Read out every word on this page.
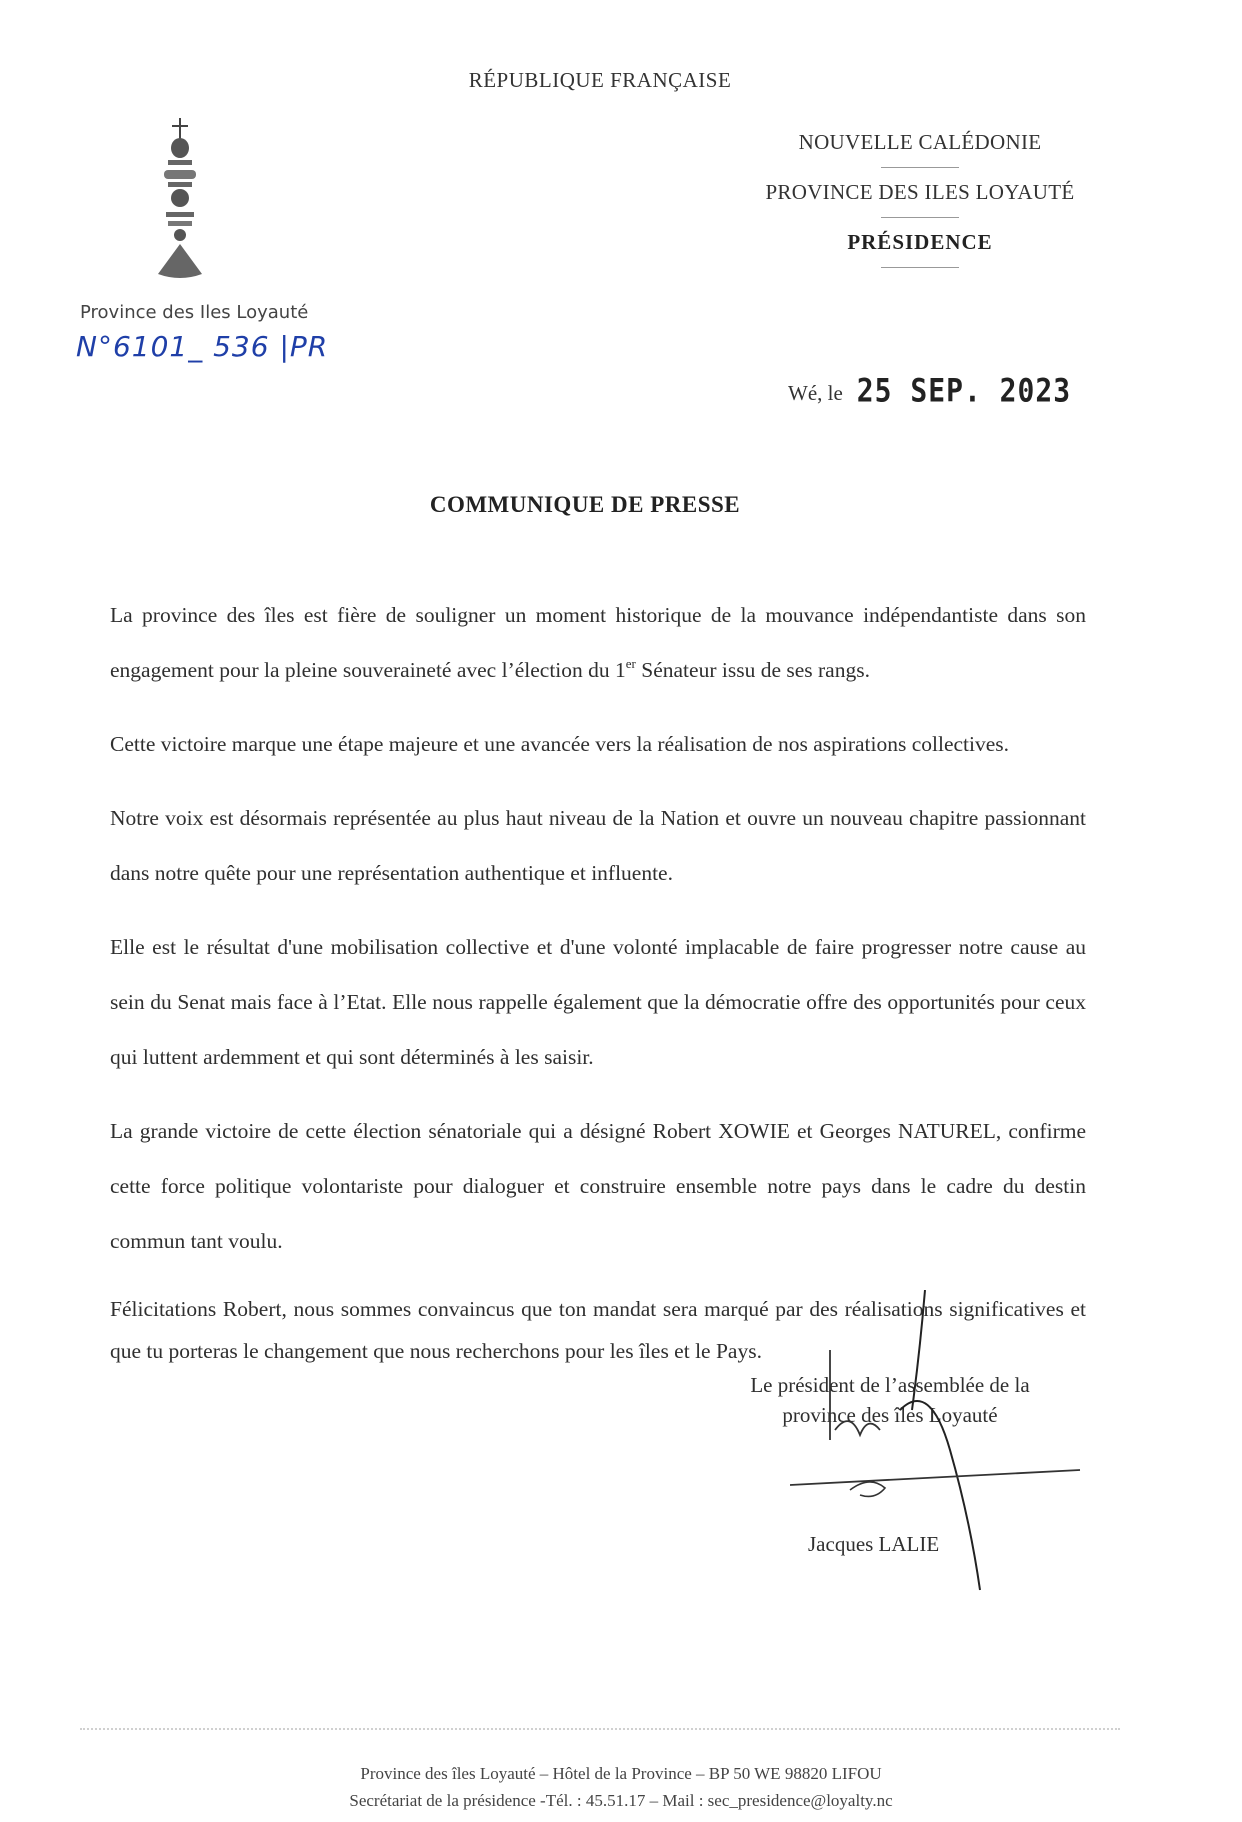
RÉPUBLIQUE FRANÇAISE
Province des Iles Loyauté
N°6101_ 536 |PR
NOUVELLE CALÉDONIE
PROVINCE DES ILES LOYAUTÉ
PRÉSIDENCE
Wé, le 25 SEP. 2023
COMMUNIQUE DE PRESSE

La province des îles est fière de souligner un moment historique de la mouvance indépendantiste dans son engagement pour la pleine souveraineté avec l’élection du 1er Sénateur issu de ses rangs.

Cette victoire marque une étape majeure et une avancée vers la réalisation de nos aspirations collectives.

Notre voix est désormais représentée au plus haut niveau de la Nation et ouvre un nouveau chapitre passionnant dans notre quête pour une représentation authentique et influente.

Elle est le résultat d'une mobilisation collective et d'une volonté implacable de faire progresser notre cause au sein du Senat mais face à l’Etat. Elle nous rappelle également que la démocratie offre des opportunités pour ceux qui luttent ardemment et qui sont déterminés à les saisir.

La grande victoire de cette élection sénatoriale qui a désigné Robert XOWIE et Georges NATUREL, confirme cette force politique volontariste pour dialoguer et construire ensemble notre pays dans le cadre du destin commun tant voulu.

Félicitations Robert, nous sommes convaincus que ton mandat sera marqué par des réalisations significatives et que tu porteras le changement que nous recherchons pour les îles et le Pays.

Le président de l’assemblée de la
province des îles Loyauté
Jacques LALIE
Province des îles Loyauté – Hôtel de la Province – BP 50 WE 98820 LIFOU
Secrétariat de la présidence -Tél. : 45.51.17 – Mail : sec_presidence@loyalty.nc
